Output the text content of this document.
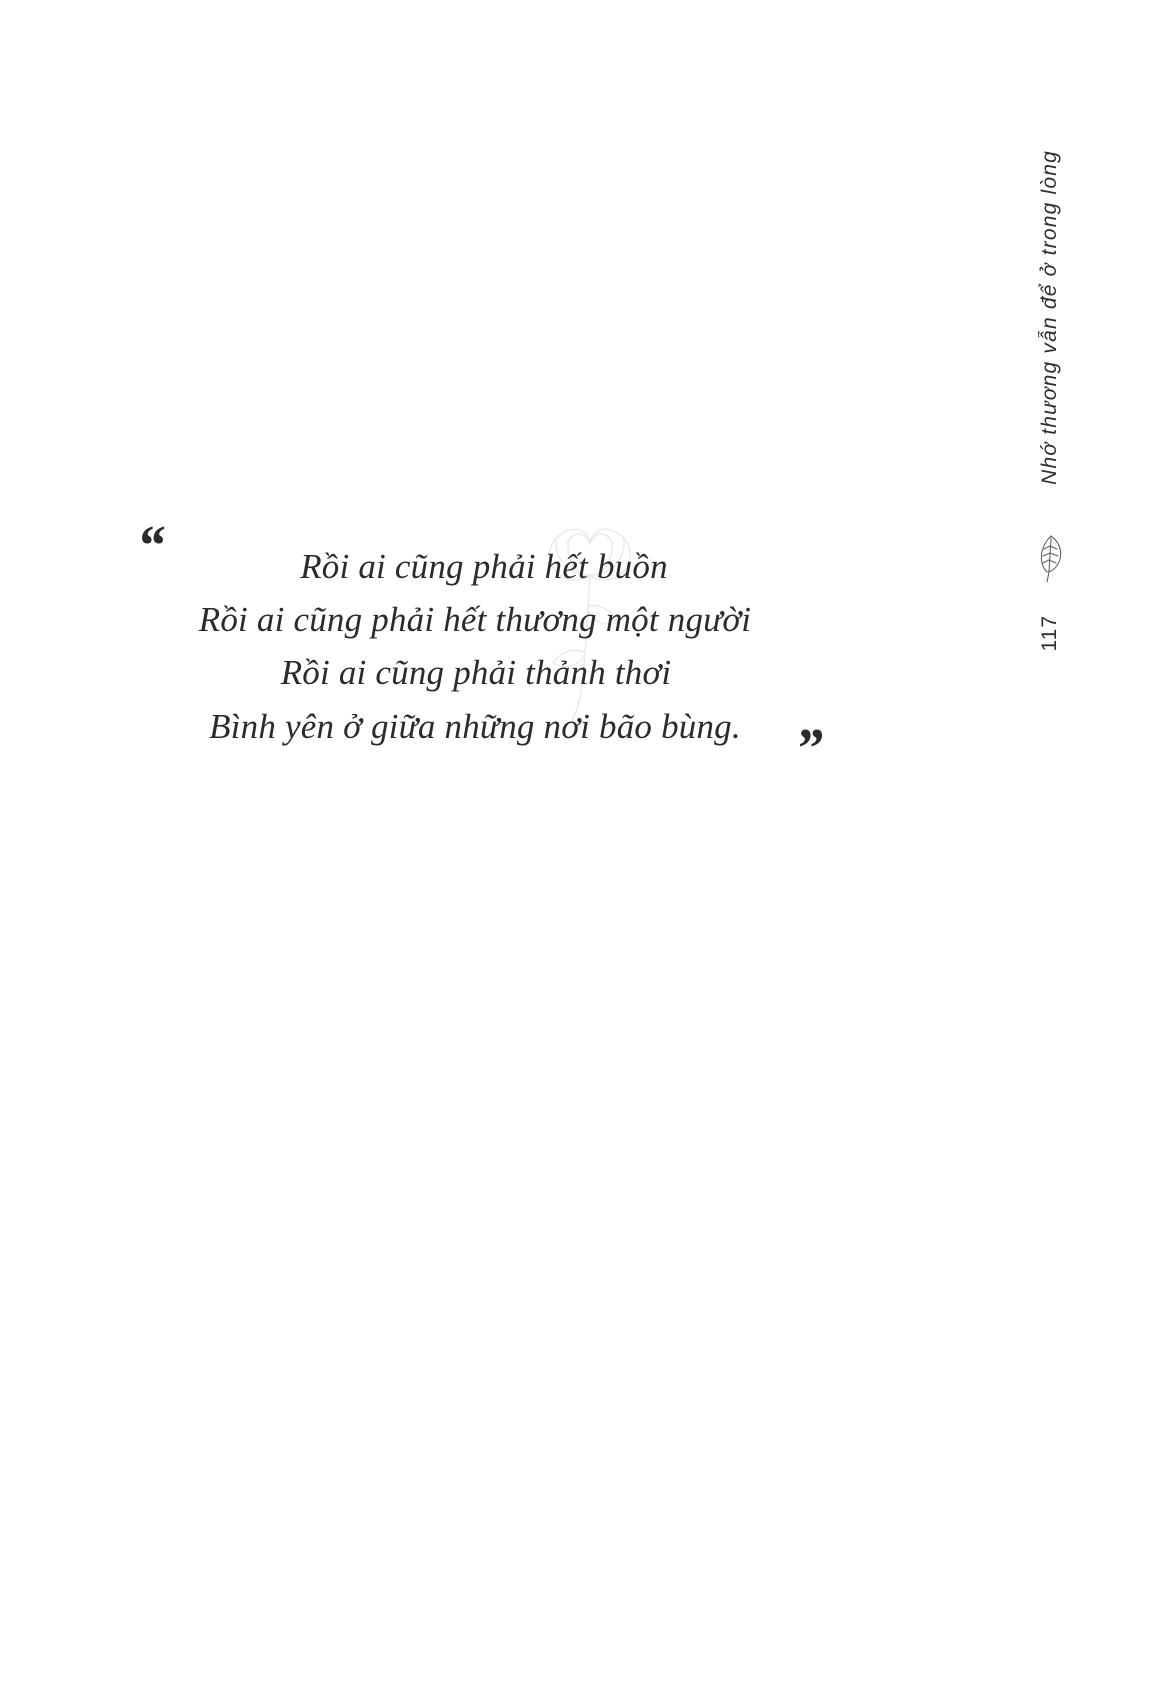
“	Rồi ai cũng phải hết buồn
Rồi ai cũng phải hết thương một người
Rồi ai cũng phải thảnh thơi
Bình yên ở giữa những nơi bão bùng. ”
Nhớ thương vẫn để ở trong lòng
117
